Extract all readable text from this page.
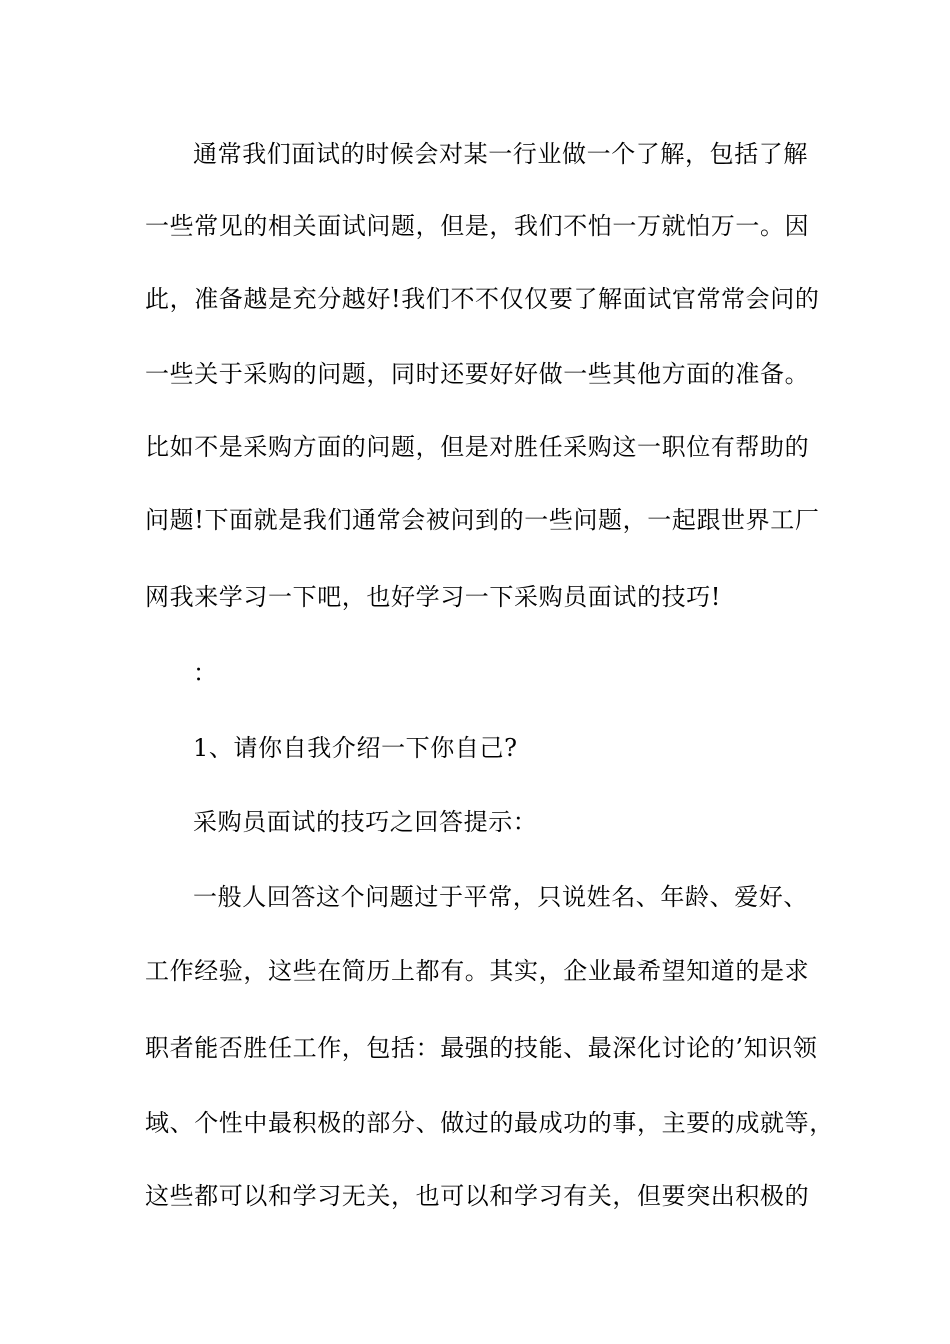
通常我们面试的时候会对某一行业做一个了解，包括了解
一些常见的相关面试问题，但是，我们不怕一万就怕万一。因
此，准备越是充分越好!我们不不仅仅要了解面试官常常会问的
一些关于采购的问题，同时还要好好做一些其他方面的准备。
比如不是采购方面的问题，但是对胜任采购这一职位有帮助的
问题!下面就是我们通常会被问到的一些问题，一起跟世界工厂
网我来学习一下吧，也好学习一下采购员面试的技巧!
：
1、请你自我介绍一下你自己?
采购员面试的技巧之回答提示：
一般人回答这个问题过于平常，只说姓名、年龄、爱好、
工作经验，这些在简历上都有。其实，企业最希望知道的是求
职者能否胜任工作，包括：最强的技能、最深化讨论的’知识领
域、个性中最积极的部分、做过的最成功的事，主要的成就等，
这些都可以和学习无关，也可以和学习有关，但要突出积极的
